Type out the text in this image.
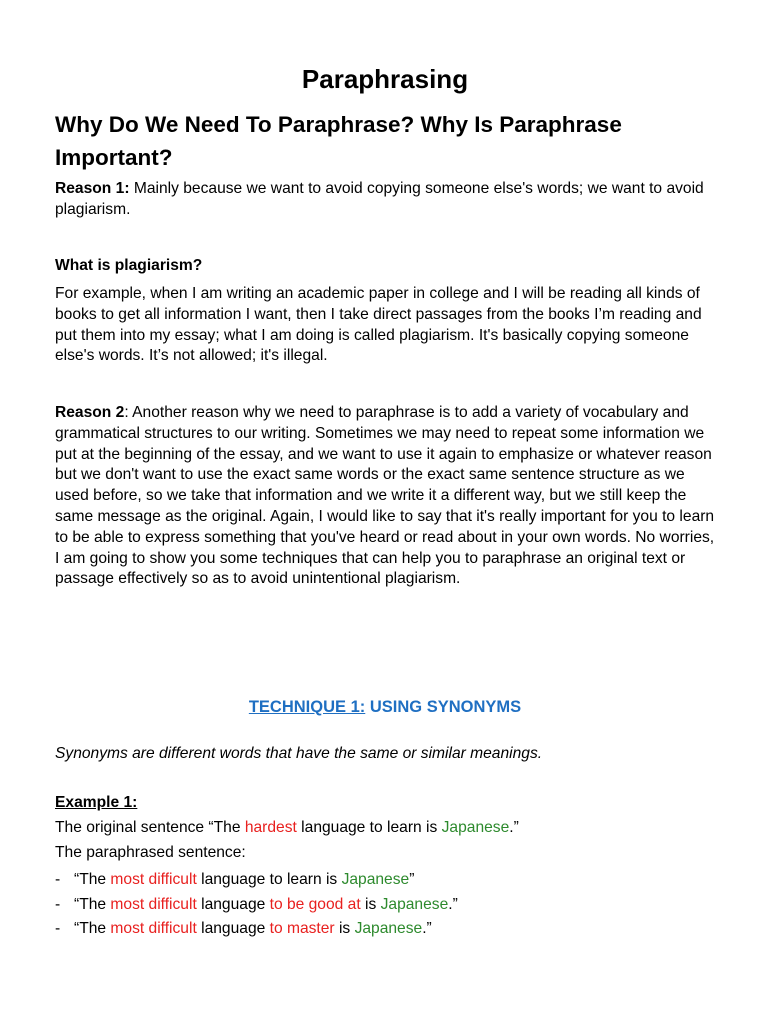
Paraphrasing
Why Do We Need To Paraphrase? Why Is Paraphrase Important?
Reason 1: Mainly because we want to avoid copying someone else's words; we want to avoid plagiarism.
What is plagiarism?
For example, when I am writing an academic paper in college and I will be reading all kinds of books to get all information I want, then I take direct passages from the books I’m reading and put them into my essay; what I am doing is called plagiarism. It's basically copying someone else's words. It’s not allowed; it's illegal.
Reason 2: Another reason why we need to paraphrase is to add a variety of vocabulary and grammatical structures to our writing. Sometimes we may need to repeat some information we put at the beginning of the essay, and we want to use it again to emphasize or whatever reason but we don't want to use the exact same words or the exact same sentence structure as we used before, so we take that information and we write it a different way, but we still keep the same message as the original. Again, I would like to say that it's really important for you to learn to be able to express something that you've heard or read about in your own words. No worries, I am going to show you some techniques that can help you to paraphrase an original text or passage effectively so as to avoid unintentional plagiarism.
TECHNIQUE 1: USING SYNONYMS
Synonyms are different words that have the same or similar meanings.
Example 1:
The original sentence “The hardest language to learn is Japanese.”
The paraphrased sentence:
- “The most difficult language to learn is Japanese”
- “The most difficult language to be good at is Japanese.”
- “The most difficult language to master is Japanese.”
